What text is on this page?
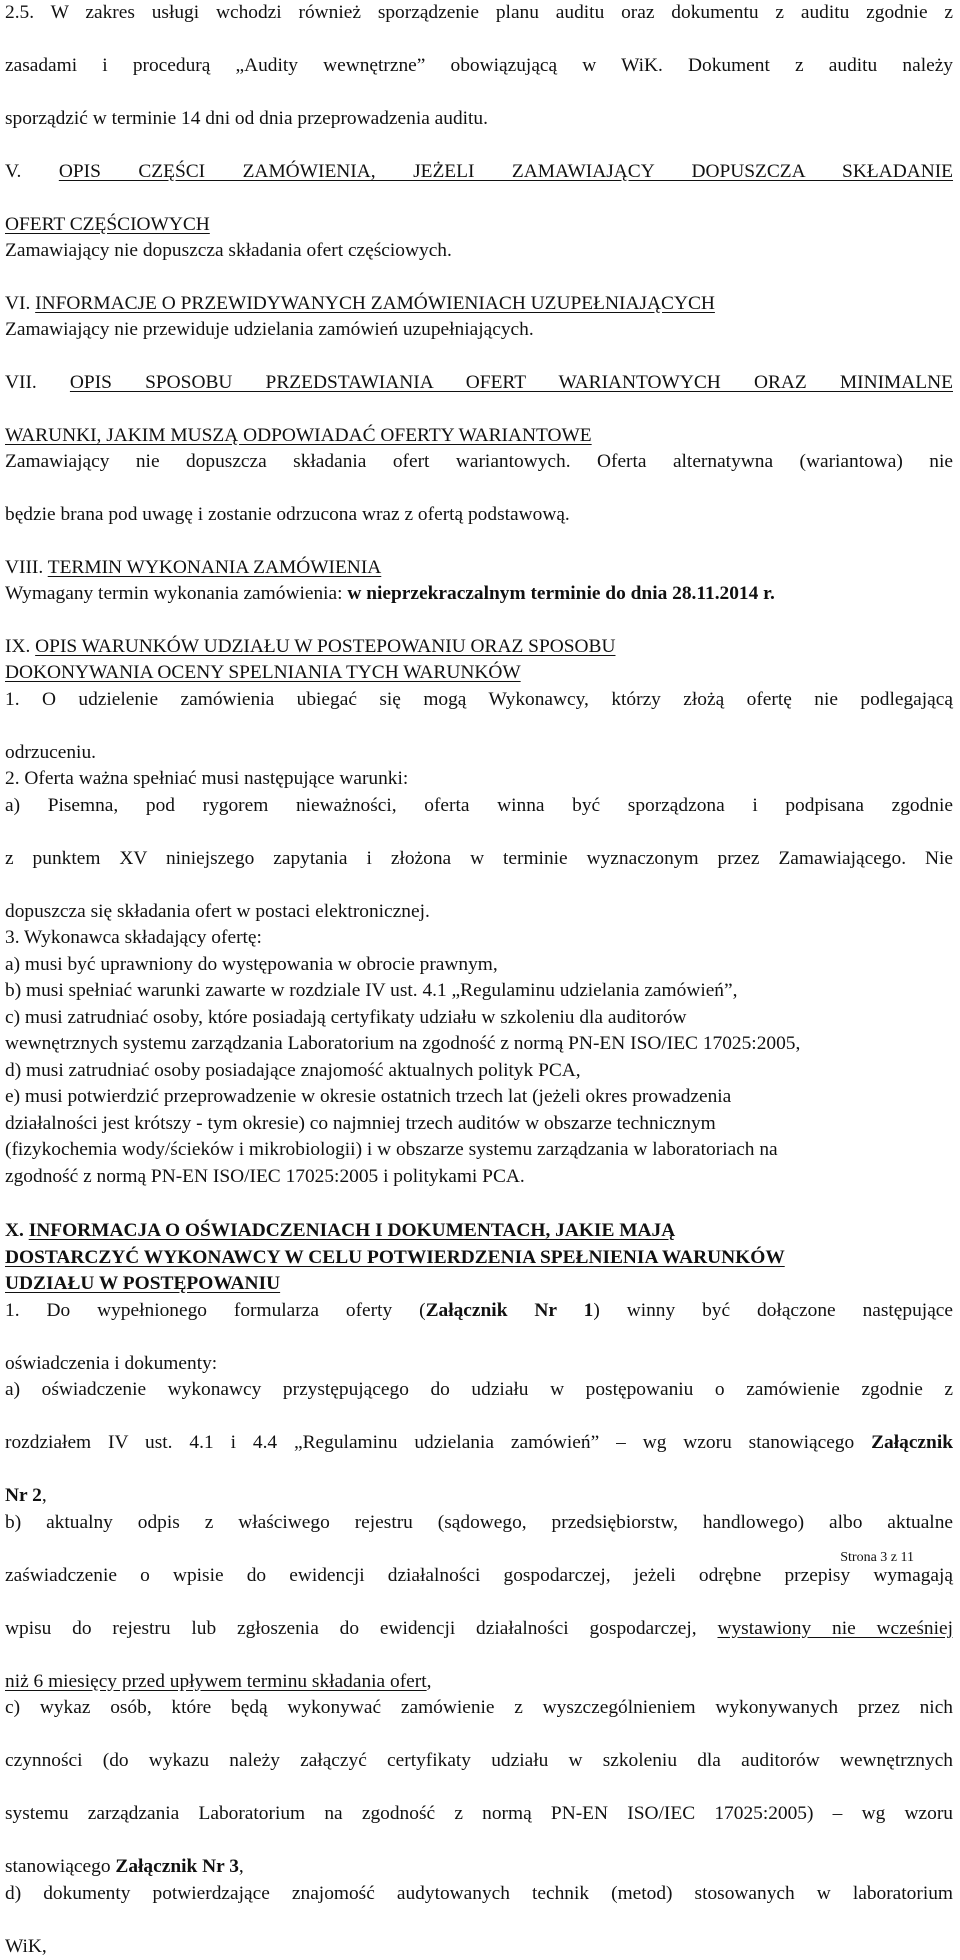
2.5. W zakres usługi wchodzi również sporządzenie planu auditu oraz dokumentu z auditu zgodnie z

zasadami i procedurą „Audity wewnętrzne” obowiązującą w WiK. Dokument z auditu należy

sporządzić w terminie 14 dni od dnia przeprowadzenia auditu.

V. OPIS CZĘŚCI ZAMÓWIENIA, JEŻELI ZAMAWIAJĄCY DOPUSZCZA SKŁADANIE

OFERT CZĘŚCIOWYCH

Zamawiający nie dopuszcza składania ofert częściowych.

VI. INFORMACJE O PRZEWIDYWANYCH ZAMÓWIENIACH UZUPEŁNIAJĄCYCH

Zamawiający nie przewiduje udzielania zamówień uzupełniających.

VII. OPIS SPOSOBU PRZEDSTAWIANIA OFERT WARIANTOWYCH ORAZ MINIMALNE

WARUNKI, JAKIM MUSZĄ ODPOWIADAĆ OFERTY WARIANTOWE

Zamawiający nie dopuszcza składania ofert wariantowych. Oferta alternatywna (wariantowa) nie

będzie brana pod uwagę i zostanie odrzucona wraz z ofertą podstawową.

VIII. TERMIN WYKONANIA ZAMÓWIENIA

Wymagany termin wykonania zamówienia: w nieprzekraczalnym terminie do dnia 28.11.2014 r.

IX. OPIS WARUNKÓW UDZIAŁU W POSTEPOWANIU ORAZ SPOSOBU

DOKONYWANIA OCENY SPELNIANIA TYCH WARUNKÓW

1. O udzielenie zamówienia ubiegać się mogą Wykonawcy, którzy złożą ofertę nie podlegającą

odrzuceniu.

2. Oferta ważna spełniać musi następujące warunki:

a) Pisemna, pod rygorem nieważności, oferta winna być sporządzona i podpisana zgodnie

z punktem XV niniejszego zapytania i złożona w terminie wyznaczonym przez Zamawiającego. Nie

dopuszcza się składania ofert w postaci elektronicznej.

3. Wykonawca składający ofertę:

a) musi być uprawniony do występowania w obrocie prawnym,

b) musi spełniać warunki zawarte w rozdziale IV ust. 4.1 „Regulaminu udzielania zamówień”,

c) musi zatrudniać osoby, które posiadają certyfikaty udziału w szkoleniu dla auditorów

wewnętrznych systemu zarządzania Laboratorium na zgodność z normą PN-EN ISO/IEC 17025:2005,

d) musi zatrudniać osoby posiadające znajomość aktualnych polityk PCA,

e) musi potwierdzić przeprowadzenie w okresie ostatnich trzech lat (jeżeli okres prowadzenia

działalności jest krótszy - tym okresie) co najmniej trzech auditów w obszarze technicznym

(fizykochemia wody/ścieków i mikrobiologii) i w obszarze systemu zarządzania w laboratoriach na

zgodność z normą PN-EN ISO/IEC 17025:2005 i politykami PCA.

X. INFORMACJA O OŚWIADCZENIACH I DOKUMENTACH, JAKIE MAJĄ

DOSTARCZYĆ WYKONAWCY W CELU POTWIERDZENIA SPEŁNIENIA WARUNKÓW

UDZIAŁU W POSTĘPOWANIU

1. Do wypełnionego formularza oferty (Załącznik Nr 1) winny być dołączone następujące

oświadczenia i dokumenty:

a) oświadczenie wykonawcy przystępującego do udziału w postępowaniu o zamówienie zgodnie z

rozdziałem IV ust. 4.1 i 4.4 „Regulaminu udzielania zamówień” – wg wzoru stanowiącego Załącznik

Nr 2,

b) aktualny odpis z właściwego rejestru (sądowego, przedsiębiorstw, handlowego) albo aktualne

zaświadczenie o wpisie do ewidencji działalności gospodarczej, jeżeli odrębne przepisy wymagają

wpisu do rejestru lub zgłoszenia do ewidencji działalności gospodarczej, wystawiony nie wcześniej

niż 6 miesięcy przed upływem terminu składania ofert,

c) wykaz osób, które będą wykonywać zamówienie z wyszczególnieniem wykonywanych przez nich

czynności (do wykazu należy załączyć certyfikaty udziału w szkoleniu dla auditorów wewnętrznych

systemu zarządzania Laboratorium na zgodność z normą PN-EN ISO/IEC 17025:2005) – wg wzoru

stanowiącego Załącznik Nr 3,

d) dokumenty potwierdzające znajomość audytowanych technik (metod) stosowanych w laboratorium

WiK,

Strona 3 z 11
